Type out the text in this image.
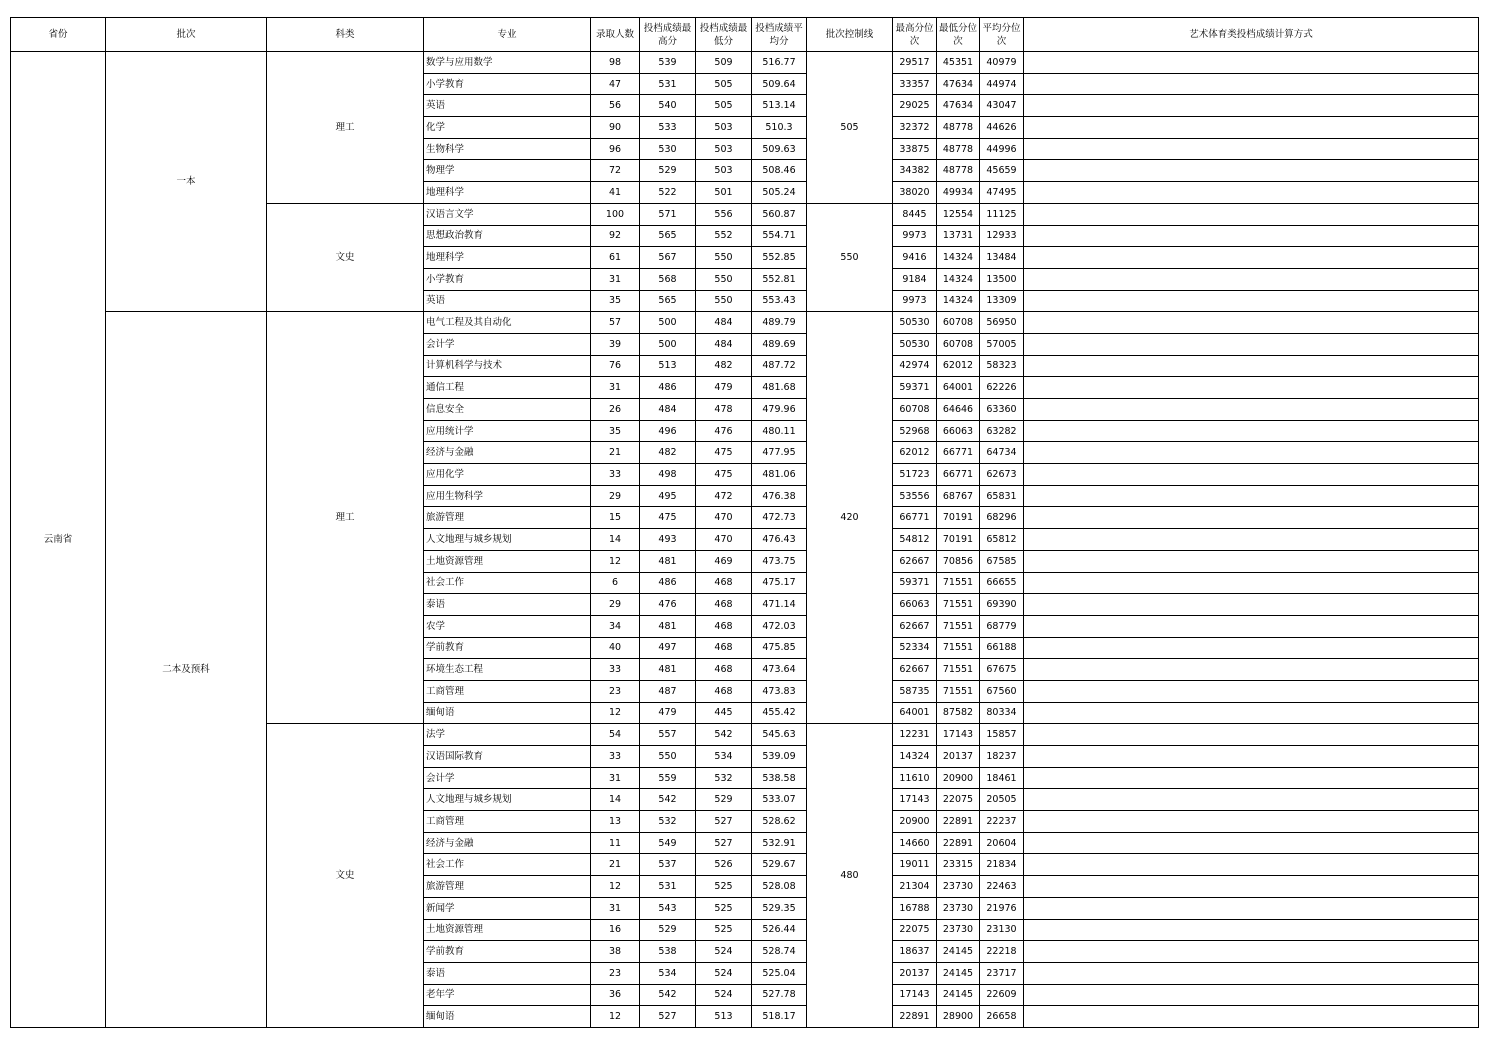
省份	批次	科类	专业	录取人数	投档成绩最高分	投档成绩最低分	投档成绩平均分	批次控制线	最高分位次	最低分位次	平均分位次	艺术体育类投档成绩计算方式
云南省	一本	理工	数学与应用数学	98	539	509	516.77	505	29517	45351	40979	
			小学教育	47	531	505	509.64		33357	47634	44974	
			英语	56	540	505	513.14		29025	47634	43047	
			化学	90	533	503	510.3		32372	48778	44626	
			生物科学	96	530	503	509.63		33875	48778	44996	
			物理学	72	529	503	508.46		34382	48778	45659	
			地理科学	41	522	501	505.24		38020	49934	47495	
		文史	汉语言文学	100	571	556	560.87	550	8445	12554	11125	
			思想政治教育	92	565	552	554.71		9973	13731	12933	
			地理科学	61	567	550	552.85		9416	14324	13484	
			小学教育	31	568	550	552.81		9184	14324	13500	
			英语	35	565	550	553.43		9973	14324	13309	
	二本及预科	理工	电气工程及其自动化	57	500	484	489.79	420	50530	60708	56950	
			会计学	39	500	484	489.69		50530	60708	57005	
			计算机科学与技术	76	513	482	487.72		42974	62012	58323	
			通信工程	31	486	479	481.68		59371	64001	62226	
			信息安全	26	484	478	479.96		60708	64646	63360	
			应用统计学	35	496	476	480.11		52968	66063	63282	
			经济与金融	21	482	475	477.95		62012	66771	64734	
			应用化学	33	498	475	481.06		51723	66771	62673	
			应用生物科学	29	495	472	476.38		53556	68767	65831	
			旅游管理	15	475	470	472.73		66771	70191	68296	
			人文地理与城乡规划	14	493	470	476.43		54812	70191	65812	
			土地资源管理	12	481	469	473.75		62667	70856	67585	
			社会工作	6	486	468	475.17		59371	71551	66655	
			泰语	29	476	468	471.14		66063	71551	69390	
			农学	34	481	468	472.03		62667	71551	68779	
			学前教育	40	497	468	475.85		52334	71551	66188	
			环境生态工程	33	481	468	473.64		62667	71551	67675	
			工商管理	23	487	468	473.83		58735	71551	67560	
			缅甸语	12	479	445	455.42		64001	87582	80334	
		文史	法学	54	557	542	545.63	480	12231	17143	15857	
			汉语国际教育	33	550	534	539.09		14324	20137	18237	
			会计学	31	559	532	538.58		11610	20900	18461	
			人文地理与城乡规划	14	542	529	533.07		17143	22075	20505	
			工商管理	13	532	527	528.62		20900	22891	22237	
			经济与金融	11	549	527	532.91		14660	22891	20604	
			社会工作	21	537	526	529.67		19011	23315	21834	
			旅游管理	12	531	525	528.08		21304	23730	22463	
			新闻学	31	543	525	529.35		16788	23730	21976	
			土地资源管理	16	529	525	526.44		22075	23730	23130	
			学前教育	38	538	524	528.74		18637	24145	22218	
			泰语	23	534	524	525.04		20137	24145	23717	
			老年学	36	542	524	527.78		17143	24145	22609	
			缅甸语	12	527	513	518.17		22891	28900	26658	
